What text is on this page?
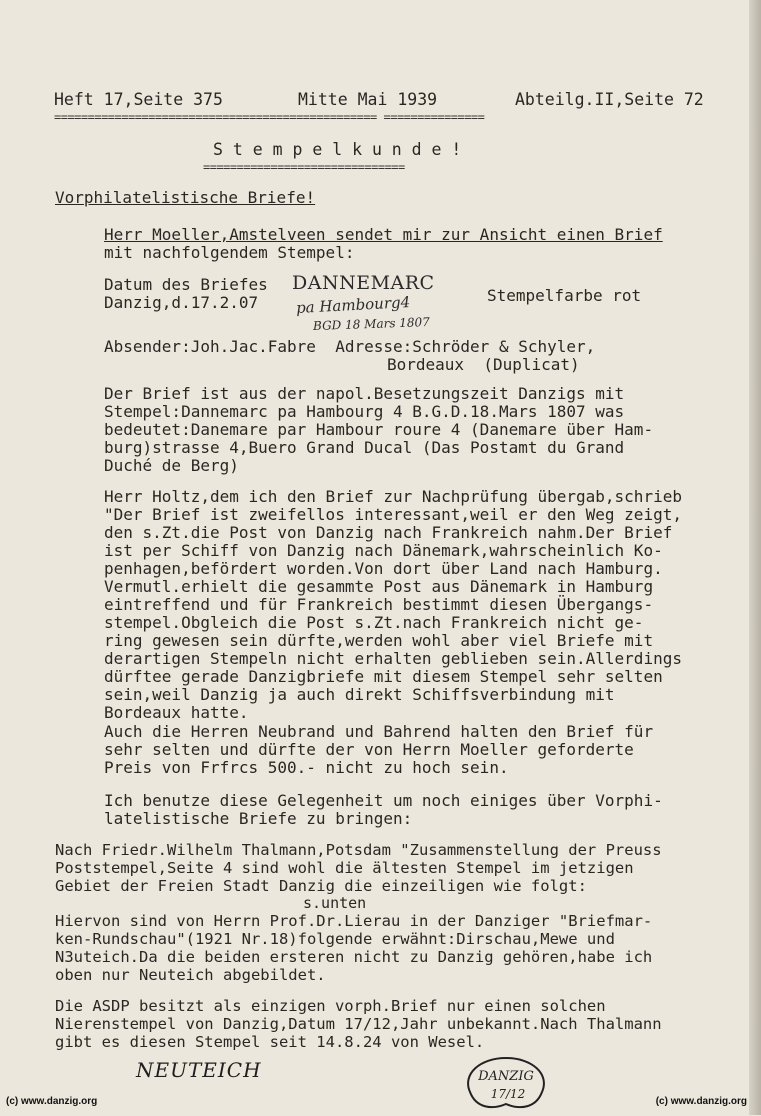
Heft 17,Seite 375	Mitte Mai 1939	Abteilg.II,Seite 72
================================================ ===============
S t e m p e l k u n d e !
==============================
Vorphilatelistische Briefe!
Herr Moeller,Amstelveen sendet mir zur Ansicht einen Brief
mit nachfolgendem Stempel:
Datum des Briefes
Danzig,d.17.2.07	Stempelfarbe rot
DANNEMARC
pa Hambourg4
BGD 18 Mars 1807
Absender:Joh.Jac.Fabre  Adresse:Schröder & Schyler,
Bordeaux  (Duplicat)
Der Brief ist aus der napol.Besetzungszeit Danzigs mit
Stempel:Dannemarc pa Hambourg 4 B.G.D.18.Mars 1807 was
bedeutet:Danemare par Hambour roure 4 (Danemare über Ham-
burg)strasse 4,Buero Grand Ducal (Das Postamt du Grand
Duché de Berg)
Herr Holtz,dem ich den Brief zur Nachprüfung übergab,schrieb
"Der Brief ist zweifellos interessant,weil er den Weg zeigt,
den s.Zt.die Post von Danzig nach Frankreich nahm.Der Brief
ist per Schiff von Danzig nach Dänemark,wahrscheinlich Ko-
penhagen,befördert worden.Von dort über Land nach Hamburg.
Vermutl.erhielt die gesammte Post aus Dänemark in Hamburg
eintreffend und für Frankreich bestimmt diesen Übergangs-
stempel.Obgleich die Post s.Zt.nach Frankreich nicht ge-
ring gewesen sein dürfte,werden wohl aber viel Briefe mit
derartigen Stempeln nicht erhalten geblieben sein.Allerdings
dürftee gerade Danzigbriefe mit diesem Stempel sehr selten
sein,weil Danzig ja auch direkt Schiffsverbindung mit
Bordeaux hatte.
Auch die Herren Neubrand und Bahrend halten den Brief für
sehr selten und dürfte der von Herrn Moeller geforderte
Preis von Frfrcs 500.- nicht zu hoch sein.
Ich benutze diese Gelegenheit um noch einiges über Vorphi-
latelistische Briefe zu bringen:
Nach Friedr.Wilhelm Thalmann,Potsdam "Zusammenstellung der Preuss
Poststempel,Seite 4 sind wohl die ältesten Stempel im jetzigen
Gebiet der Freien Stadt Danzig die einzeiligen wie folgt:
s.unten
Hiervon sind von Herrn Prof.Dr.Lierau in der Danziger "Briefmar-
ken-Rundschau"(1921 Nr.18)folgende erwähnt:Dirschau,Mewe und
N3uteich.Da die beiden ersteren nicht zu Danzig gehören,habe ich
oben nur Neuteich abgebildet.
Die ASDP besitzt als einzigen vorph.Brief nur einen solchen
Nierenstempel von Danzig,Datum 17/12,Jahr unbekannt.Nach Thalmann
gibt es diesen Stempel seit 14.8.24 von Wesel.
NEUTEICH	DANZIG
17/12
(c) www.danzig.org	(c) www.danzig.org
